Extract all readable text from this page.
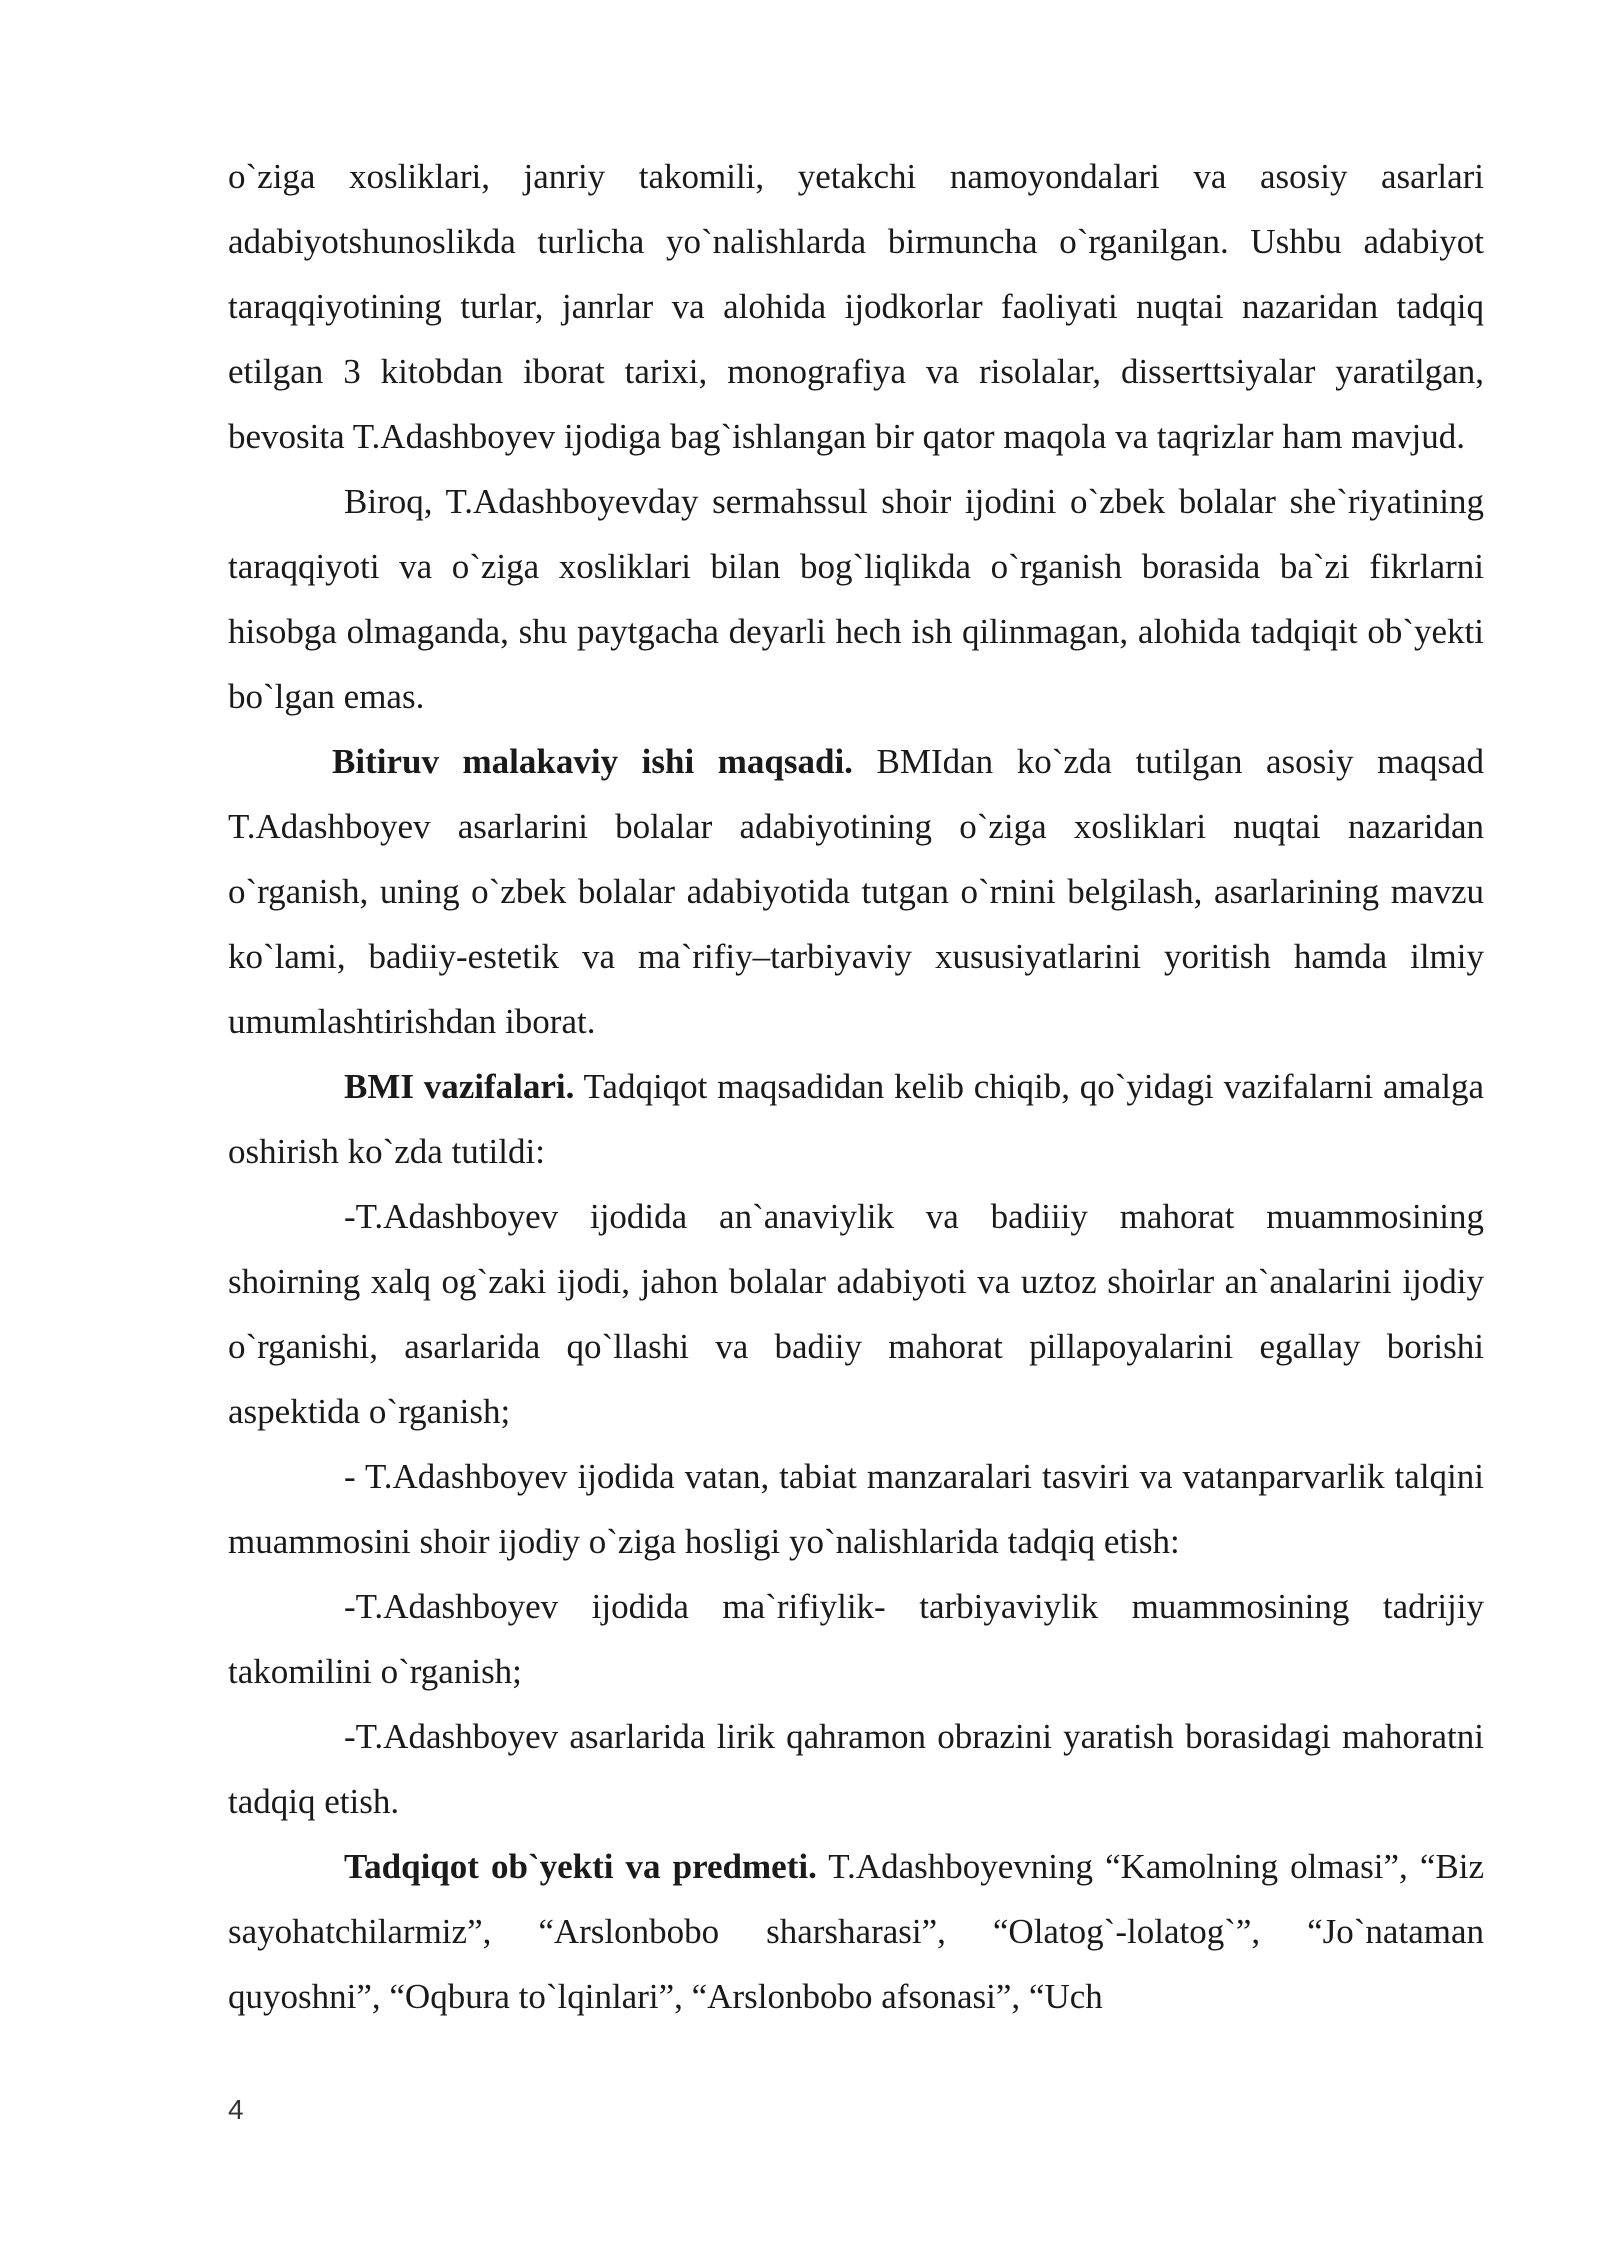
o`ziga xosliklari, janriy takomili, yetakchi namoyondalari va asosiy asarlari adabiyotshunoslikda turlicha yo`nalishlarda birmuncha o`rganilgan. Ushbu adabiyot taraqqiyotining turlar, janrlar va alohida ijodkorlar faoliyati nuqtai nazaridan tadqiq etilgan 3 kitobdan iborat tarixi, monografiya va risolalar, disserttsiyalar yaratilgan, bevosita T.Adashboyev ijodiga bag`ishlangan bir qator maqola va taqrizlar ham mavjud.

Biroq, T.Adashboyevday sermahssul shoir ijodini o`zbek bolalar she`riyatining taraqqiyoti va o`ziga xosliklari bilan bog`liqlikda o`rganish borasida ba`zi fikrlarni hisobga olmaganda, shu paytgacha deyarli hech ish qilinmagan, alohida tadqiqit ob`yekti bo`lgan emas.

Bitiruv malakaviy ishi maqsadi. BMIdan ko`zda tutilgan asosiy maqsad T.Adashboyev asarlarini bolalar adabiyotining o`ziga xosliklari nuqtai nazaridan o`rganish, uning o`zbek bolalar adabiyotida tutgan o`rnini belgilash, asarlarining mavzu ko`lami, badiiy-estetik va ma`rifiy–tarbiyaviy xususiyatlarini yoritish hamda ilmiy umumlashtirishdan iborat.

BMI vazifalari. Tadqiqot maqsadidan kelib chiqib, qo`yidagi vazifalarni amalga oshirish ko`zda tutildi:

-T.Adashboyev ijodida an`anaviylik va badiiiy mahorat muammosining shoirning xalq og`zaki ijodi, jahon bolalar adabiyoti va uztoz shoirlar an`analarini ijodiy o`rganishi, asarlarida qo`llashi va badiiy mahorat pillapoyalarini egallay borishi aspektida o`rganish;

- T.Adashboyev ijodida vatan, tabiat manzaralari tasviri va vatanparvarlik talqini muammosini shoir ijodiy o`ziga hosligi yo`nalishlarida tadqiq etish:

-T.Adashboyev ijodida ma`rifiylik- tarbiyaviylik muammosining tadrijiy takomilini o`rganish;

-T.Adashboyev asarlarida lirik qahramon obrazini yaratish borasidagi mahoratni tadqiq etish.

Tadqiqot ob`yekti va predmeti. T.Adashboyevning “Kamolning olmasi”, “Biz sayohatchilarmiz”, “Arslonbobo sharsharasi”, “Olatog`-lolatog`”, “Jo`nataman quyoshni”, “Oqbura to`lqinlari”, “Arslonbobo afsonasi”, “Uch

4
